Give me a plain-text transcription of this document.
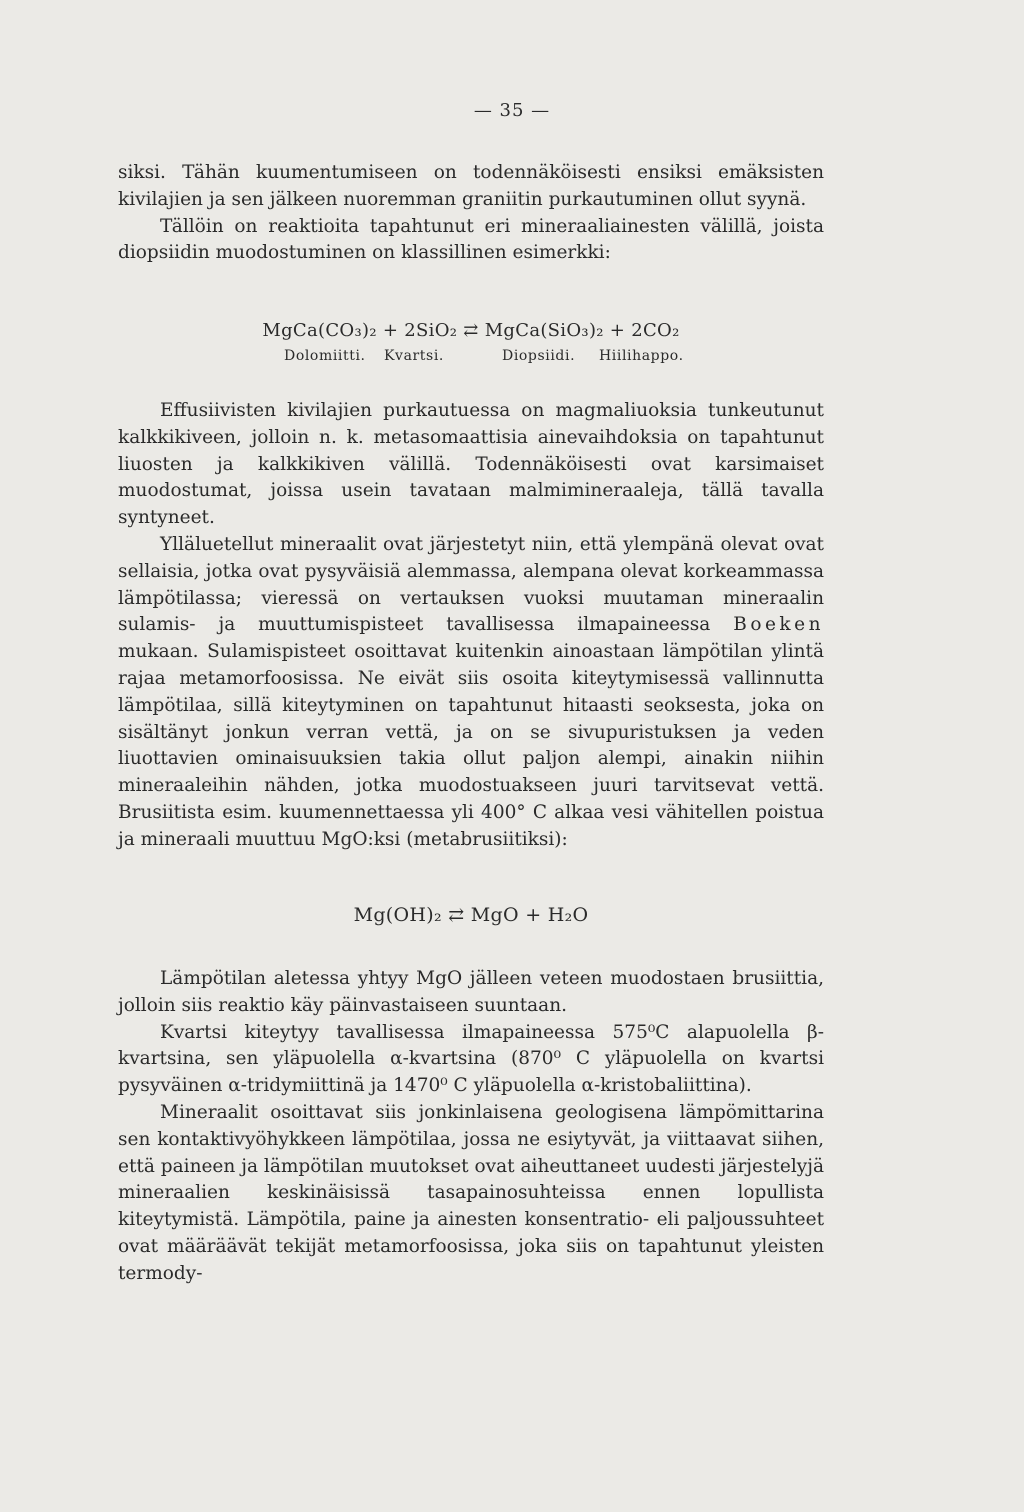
— 35 —

siksi. Tähän kuumentumiseen on todennäköisesti ensiksi emäksisten kivilajien ja sen jälkeen nuoremman graniitin purkautuminen ollut syynä.

Tällöin on reaktioita tapahtunut eri mineraaliainesten välillä, joista diopsiidin muodostuminen on klassillinen esimerkki:

MgCa(CO₃)₂ + 2SiO₂ ⇄ MgCa(SiO₃)₂ + 2CO₂
Dolomiitti. Kvartsi.	Diopsiidi. Hiilihappo.

Effusiivisten kivilajien purkautuessa on magmaliuoksia tunkeutunut kalkkikiveen, jolloin n. k. metasomaattisia ainevaihdoksia on tapahtunut liuosten ja kalkkikiven välillä. Todennäköisesti ovat karsimaiset muodostumat, joissa usein tavataan malmimineraaleja, tällä tavalla syntyneet.

Ylläluetellut mineraalit ovat järjestetyt niin, että ylempänä olevat ovat sellaisia, jotka ovat pysyväisiä alemmassa, alempana olevat korkeammassa lämpötilassa; vieressä on vertauksen vuoksi muutaman mineraalin sulamis- ja muuttumispisteet tavallisessa ilmapaineessa Boeken mukaan. Sulamispisteet osoittavat kuitenkin ainoastaan lämpötilan ylintä rajaa metamorfoosissa. Ne eivät siis osoita kiteytymisessä vallinnutta lämpötilaa, sillä kiteytyminen on tapahtunut hitaasti seoksesta, joka on sisältänyt jonkun verran vettä, ja on se sivupuristuksen ja veden liuottavien ominaisuuksien takia ollut paljon alempi, ainakin niihin mineraaleihin nähden, jotka muodostuakseen juuri tarvitsevat vettä. Brusiitista esim. kuumennettaessa yli 400° C alkaa vesi vähitellen poistua ja mineraali muuttuu MgO:ksi (metabrusiitiksi):

Mg(OH)₂ ⇄ MgO + H₂O

Lämpötilan aletessa yhtyy MgO jälleen veteen muodostaen brusiittia, jolloin siis reaktio käy päinvastaiseen suuntaan.

Kvartsi kiteytyy tavallisessa ilmapaineessa 575⁰C alapuolella β-kvartsina, sen yläpuolella α-kvartsina (870⁰ C yläpuolella on kvartsi pysyväinen α-tridymiittinä ja 1470⁰ C yläpuolella α-kristobaliittina).

Mineraalit osoittavat siis jonkinlaisena geologisena lämpömittarina sen kontaktivyöhykkeen lämpötilaa, jossa ne esiytyvät, ja viittaavat siihen, että paineen ja lämpötilan muutokset ovat aiheuttaneet uudesti järjestelyjä mineraalien keskinäisissä tasapainosuhteissa ennen lopullista kiteytymistä. Lämpötila, paine ja ainesten konsentratio- eli paljoussuhteet ovat määräävät tekijät metamorfoosissa, joka siis on tapahtunut yleisten termody-
